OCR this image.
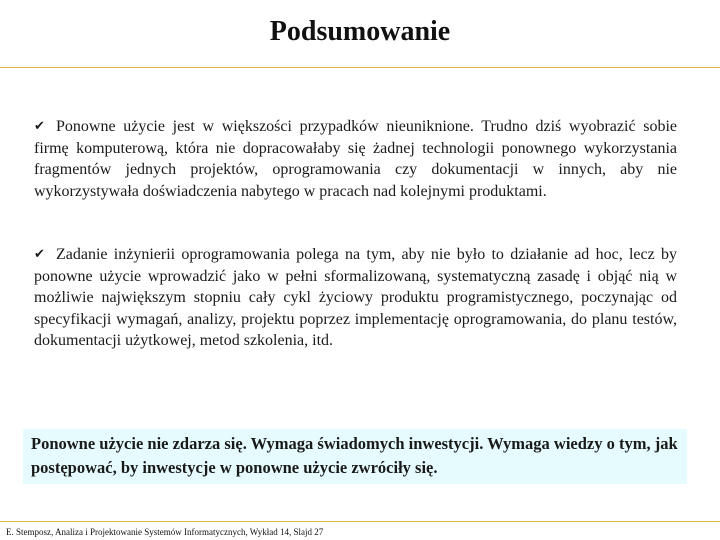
Podsumowanie
✔ Ponowne użycie jest w większości przypadków nieuniknione. Trudno dziś wyobrazić sobie firmę komputerową, która nie dopracowałaby się żadnej technologii ponownego wykorzystania fragmentów jednych projektów, oprogramowania czy dokumentacji w innych, aby nie wykorzystywała doświadczenia nabytego w pracach nad kolejnymi produktami.
✔ Zadanie inżynierii oprogramowania polega na tym, aby nie było to działanie ad hoc, lecz by ponowne użycie wprowadzić jako w pełni sformalizowaną, systematyczną zasadę i objąć nią w możliwie największym stopniu cały cykl życiowy produktu programistycznego, poczynając od specyfikacji wymagań, analizy, projektu poprzez implementację oprogramowania, do planu testów, dokumentacji użytkowej, metod szkolenia, itd.
Ponowne użycie nie zdarza się. Wymaga świadomych inwestycji. Wymaga wiedzy o tym, jak postępować, by inwestycje w ponowne użycie zwróciły się.
E. Stemposz, Analiza i Projektowanie Systemów Informatycznych, Wykład 14, Slajd 27
